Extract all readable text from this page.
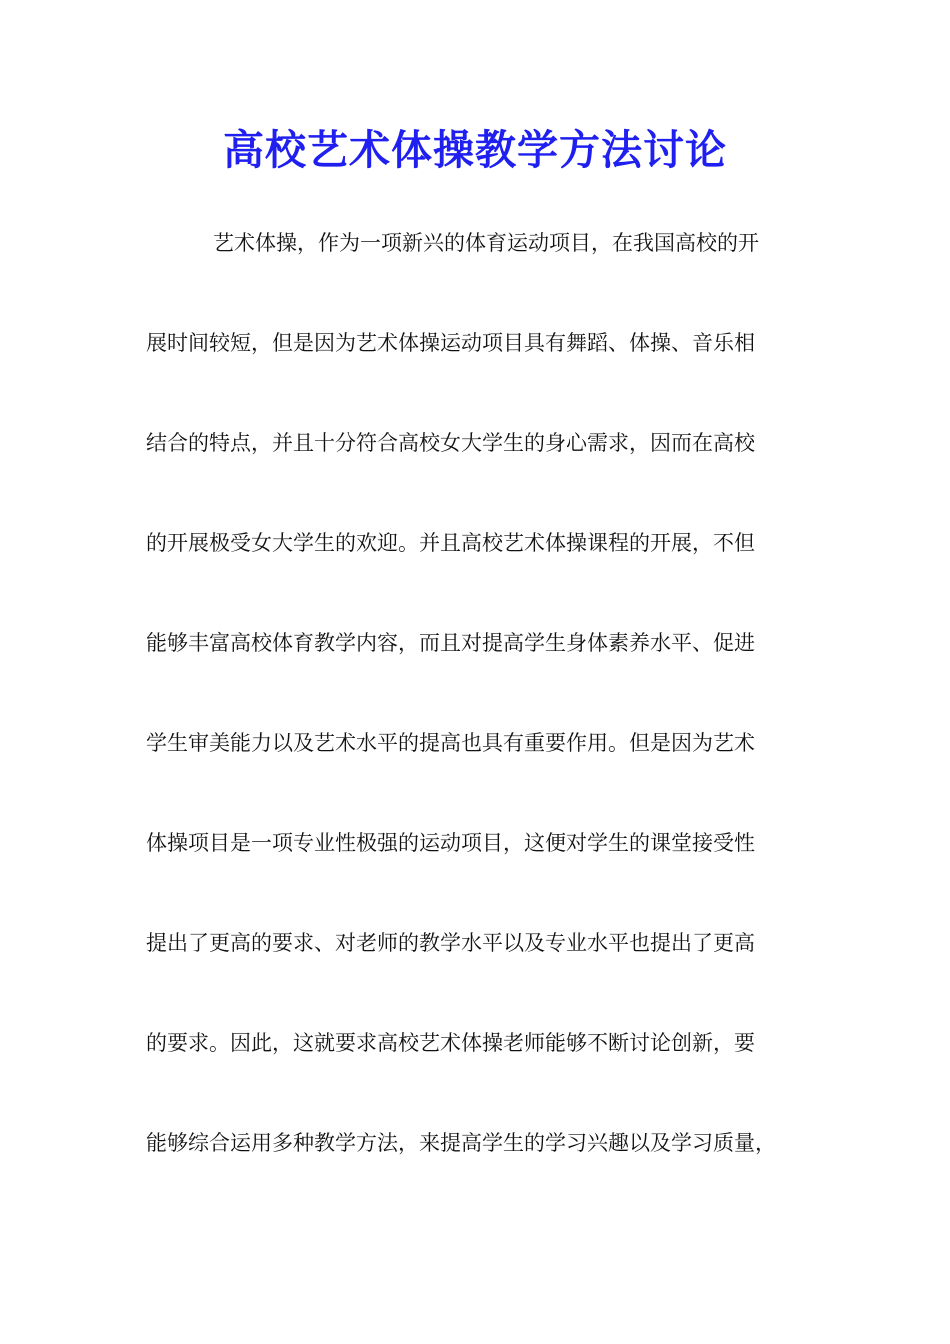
高校艺术体操教学方法讨论
艺术体操，作为一项新兴的体育运动项目，在我国高校的开
展时间较短，但是因为艺术体操运动项目具有舞蹈、体操、音乐相
结合的特点，并且十分符合高校女大学生的身心需求，因而在高校
的开展极受女大学生的欢迎。并且高校艺术体操课程的开展，不但
能够丰富高校体育教学内容，而且对提高学生身体素养水平、促进
学生审美能力以及艺术水平的提高也具有重要作用。但是因为艺术
体操项目是一项专业性极强的运动项目，这便对学生的课堂接受性
提出了更高的要求、对老师的教学水平以及专业水平也提出了更高
的要求。因此，这就要求高校艺术体操老师能够不断讨论创新，要
能够综合运用多种教学方法，来提高学生的学习兴趣以及学习质量，
